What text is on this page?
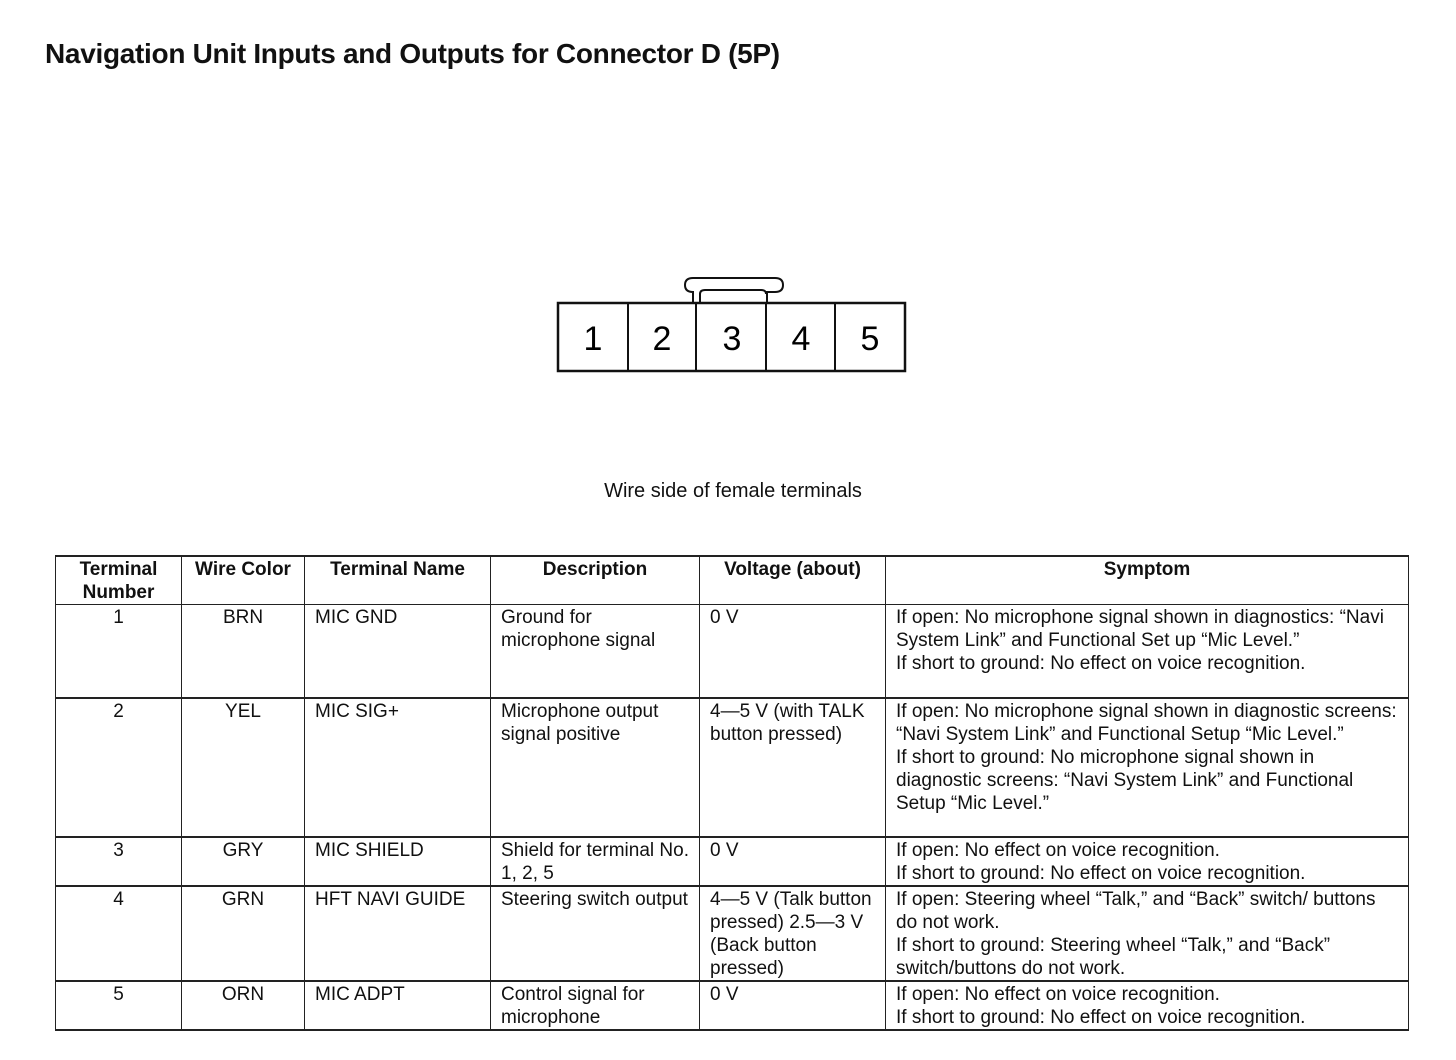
Navigation Unit Inputs and Outputs for Connector D (5P)
1 2 3 4 5
Wire side of female terminals
Terminal
Number	Wire Color	Terminal Name	Description	Voltage (about)	Symptom
1	BRN	MIC GND	Ground for microphone signal	0 V	If open: No microphone signal shown in diagnostics: “Navi System Link” and Functional Set up “Mic Level.”
If short to ground: No effect on voice recognition.

2	YEL	MIC SIG+	Microphone output signal positive	4—5 V (with TALK button pressed)	If open: No microphone signal shown in diagnostic screens: “Navi System Link” and Functional Setup “Mic Level.”
If short to ground: No microphone signal shown in diagnostic screens: “Navi System Link” and Functional Setup “Mic Level.”

3	GRY	MIC SHIELD	Shield for terminal No. 1, 2, 5	0 V	If open: No effect on voice recognition.
If short to ground: No effect on voice recognition.

4	GRN	HFT NAVI GUIDE	Steering switch output	4—5 V (Talk button pressed) 2.5—3 V (Back button pressed)	If open: Steering wheel “Talk,” and “Back” switch/ buttons do not work.
If short to ground: Steering wheel “Talk,” and “Back” switch/buttons do not work.

5	ORN	MIC ADPT	Control signal for microphone	0 V	If open: No effect on voice recognition.
If short to ground: No effect on voice recognition.
